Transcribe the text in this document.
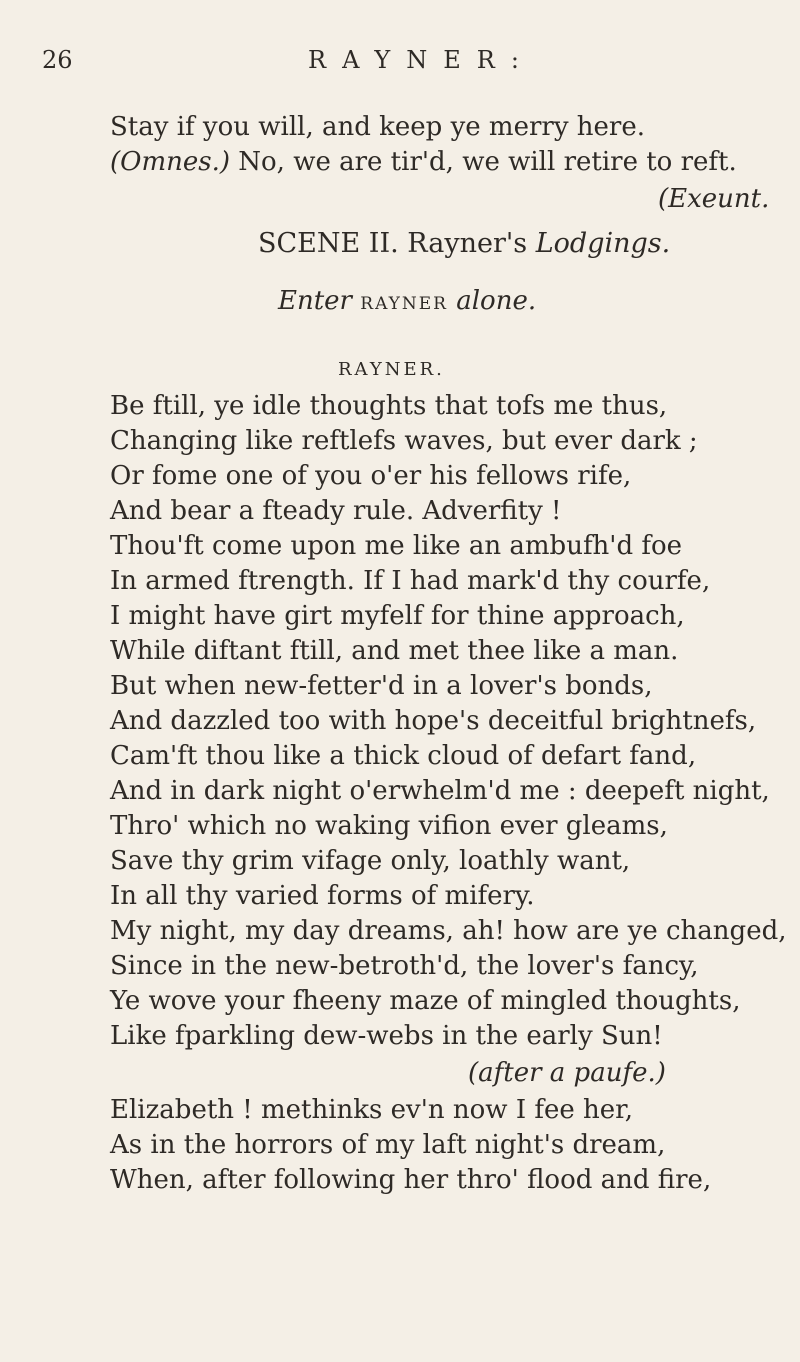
26	RAYNER:
Stay if you will, and keep ye merry here.
(Omnes.) No, we are tir'd, we will retire to reft.
(Exeunt.
SCENE II. Rayner's Lodgings.
Enter RAYNER alone.
RAYNER.
Be ftill, ye idle thoughts that tofs me thus,
Changing like reftlefs waves, but ever dark ;
Or fome one of you o'er his fellows rife,
And bear a fteady rule. Adverfity !
Thou'ft come upon me like an ambufh'd foe
In armed ftrength. If I had mark'd thy courfe,
I might have girt myfelf for thine approach,
While diftant ftill, and met thee like a man.
But when new-fetter'd in a lover's bonds,
And dazzled too with hope's deceitful brightnefs,
Cam'ft thou like a thick cloud of defart fand,
And in dark night o'erwhelm'd me : deepeft night,
Thro' which no waking vifion ever gleams,
Save thy grim vifage only, loathly want,
In all thy varied forms of mifery.
My night, my day dreams, ah! how are ye changed,
Since in the new-betroth'd, the lover's fancy,
Ye wove your fheeny maze of mingled thoughts,
Like fparkling dew-webs in the early Sun!
(after a paufe.)
Elizabeth ! methinks ev'n now I fee her,
As in the horrors of my laft night's dream,
When, after following her thro' flood and fire,
